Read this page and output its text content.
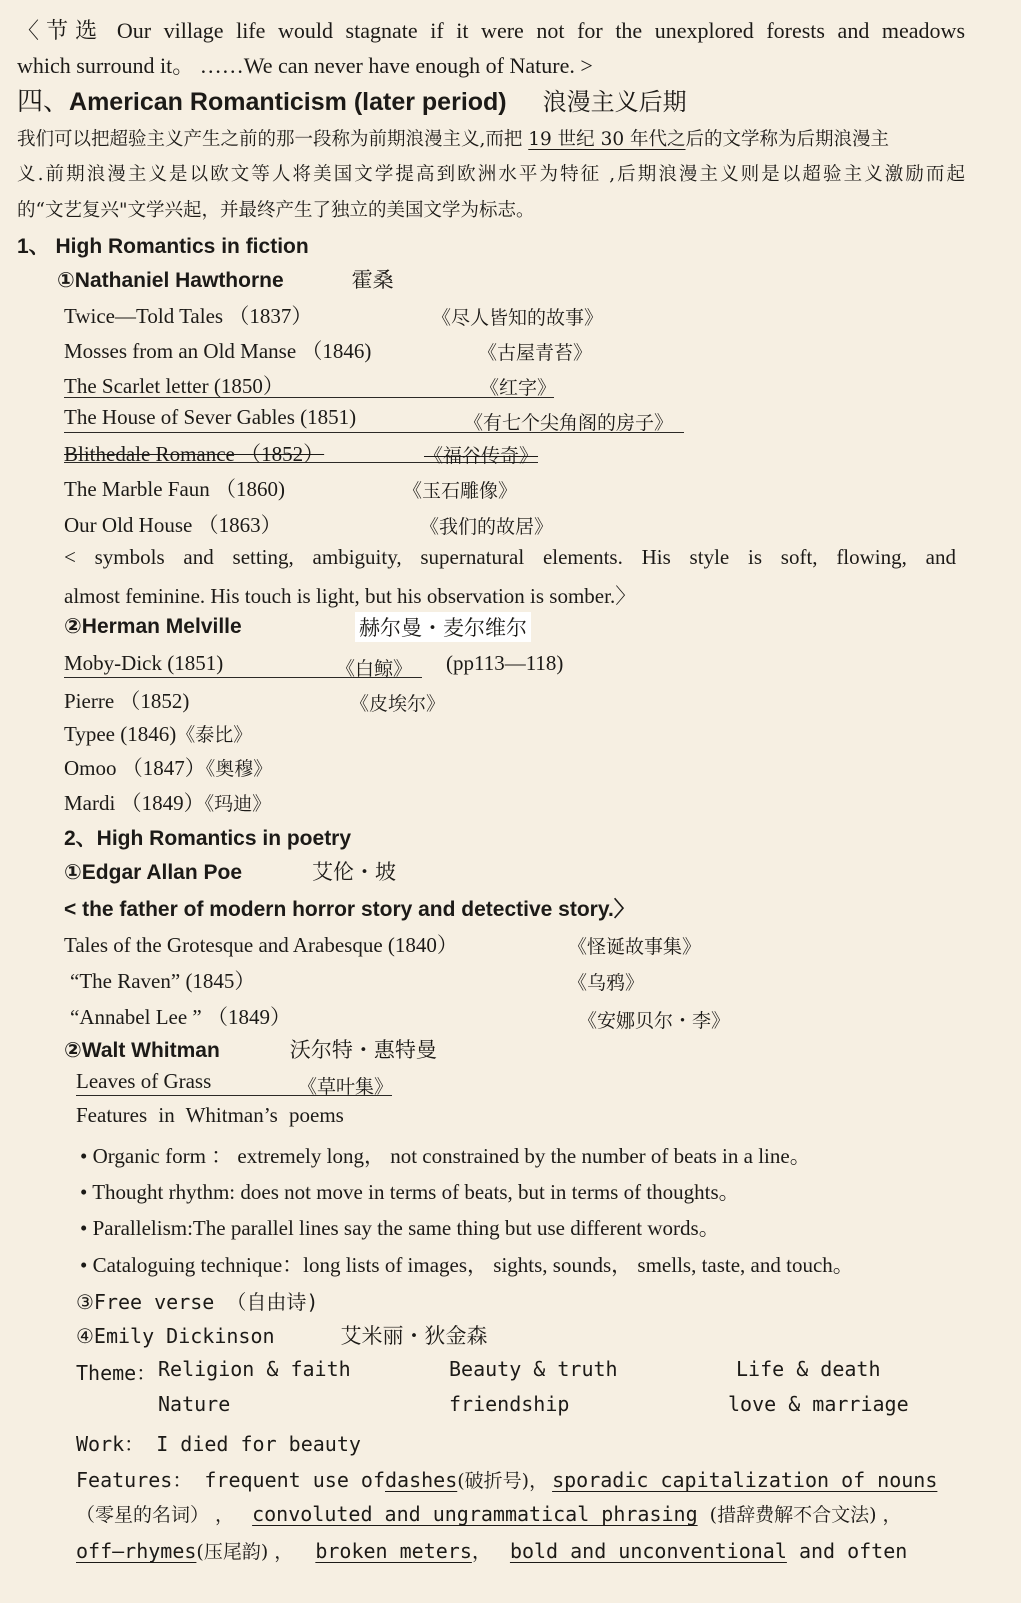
〈节选 Our village life would stagnate if it were not for the unexplored forests and meadows
which surround it。 ……We can never have enough of Nature. >
四、American Romanticism (later period) 浪漫主义后期
我们可以把超验主义产生之前的那一段称为前期浪漫主义,而把 19 世纪 30 年代之后的文学称为后期浪漫主
义.前期浪漫主义是以欧文等人将美国文学提高到欧洲水平为特征 ,后期浪漫主义则是以超验主义激励而起
的“文艺复兴"文学兴起，并最终产生了独立的美国文学为标志。
1、 High Romantics in fiction
①Nathaniel Hawthorne	霍桑
Twice—Told Tales （1837）	《尽人皆知的故事》
Mosses from an Old Manse （1846)	《古屋青苔》
The Scarlet letter (1850）	《红字》
The House of Sever Gables (1851)	《有七个尖角阁的房子》
Blithedale Romance （1852）	《福谷传奇》
The Marble Faun （1860)	《玉石雕像》
Our Old House （1863）	《我们的故居》
< symbols and setting, ambiguity, supernatural elements. His style is soft, flowing, and
almost feminine. His touch is light, but his observation is somber.〉
②Herman Melville	赫尔曼・麦尔维尔
Moby-Dick (1851)	《白鲸》 (pp113—118)
Pierre （1852)	《皮埃尔》
Typee (1846)《泰比》
Omoo （1847）《奥穆》
Mardi （1849）《玛迪》
2、High Romantics in poetry
①Edgar Allan Poe	艾伦・坡
< the father of modern horror story and detective story.〉
Tales of the Grotesque and Arabesque (1840）	《怪诞故事集》
“The Raven” (1845）	《乌鸦》
“Annabel Lee ” （1849）	《安娜贝尔・李》
②Walt Whitman	沃尔特・惠特曼
Leaves of Grass	《草叶集》
Features in Whitman’s poems
• Organic form ： extremely long， not constrained by the number of beats in a line。
• Thought rhythm: does not move in terms of beats, but in terms of thoughts。
• Parallelism:The parallel lines say the same thing but use different words。
• Cataloguing technique：long lists of images， sights, sounds， smells, taste, and touch。
③Free verse （自由诗)
④Emily Dickinson	艾米丽・狄金森
Theme： Religion & faith	Beauty & truth	Life & death
Nature	friendship	love & marriage
Work： I died for beauty
Features： frequent use ofdashes(破折号)， sporadic capitalization of nouns
（零星的名词） ， convoluted and ungrammatical phrasing (措辞费解不合文法) ，
off—rhymes(压尾韵) ， broken meters， bold and unconventional and often
